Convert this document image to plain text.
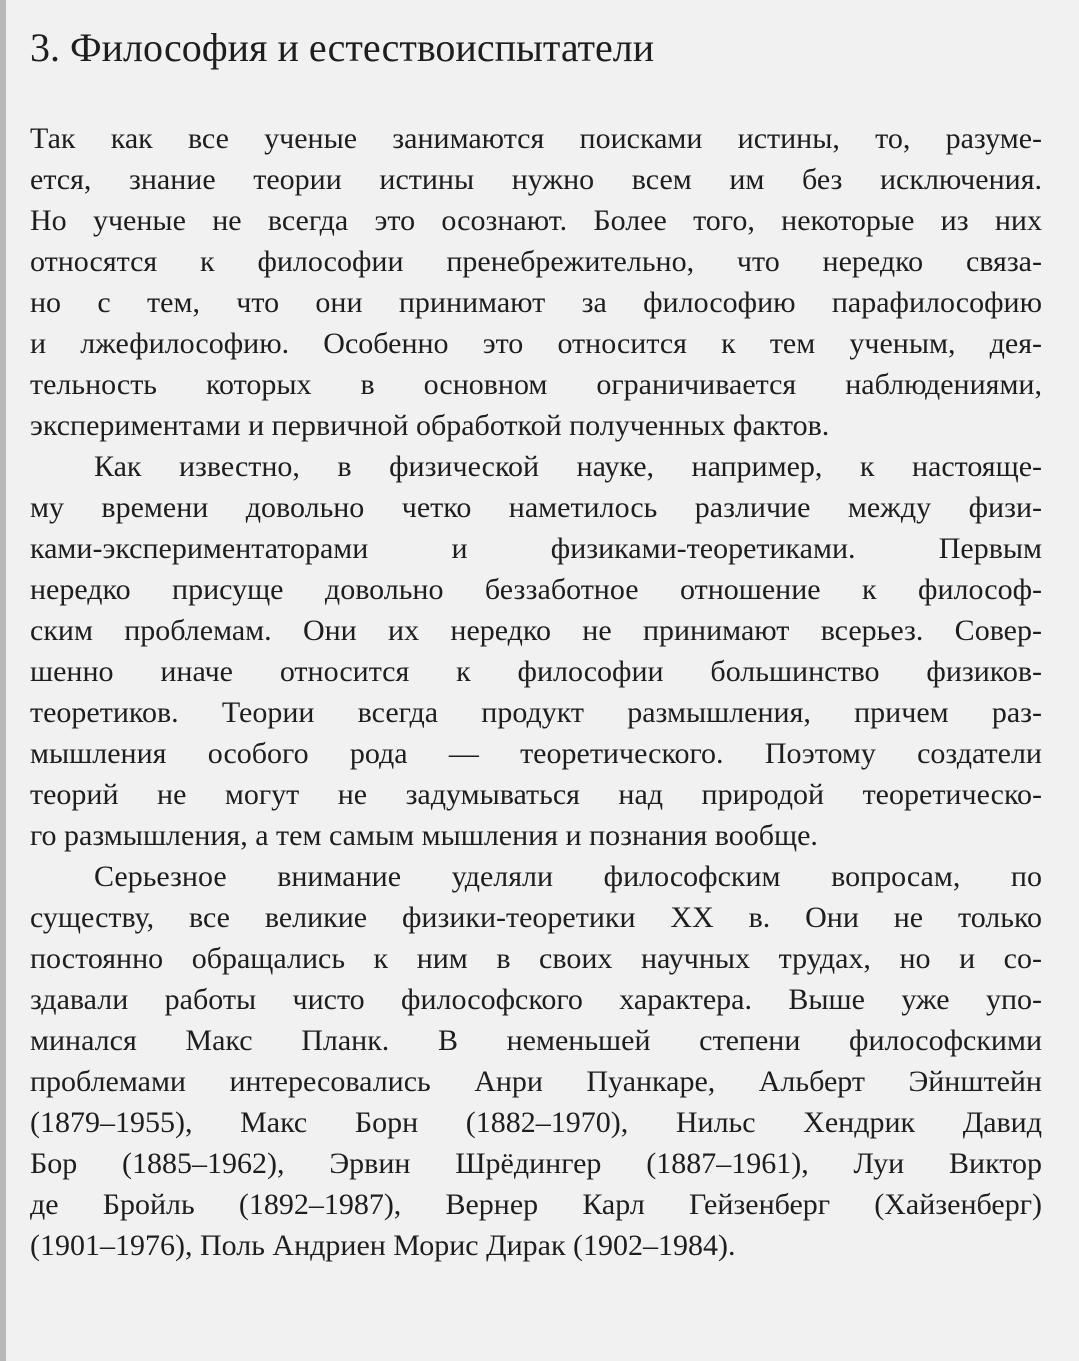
3. Философия и естествоиспытатели
Так как все ученые занимаются поисками истины, то, разуме-
ется, знание теории истины нужно всем им без исключения.
Но ученые не всегда это осознают. Более того, некоторые из них
относятся к философии пренебрежительно, что нередко связа-
но с тем, что они принимают за философию парафилософию
и лжефилософию. Особенно это относится к тем ученым, дея-
тельность которых в основном ограничивается наблюдениями,
экспериментами и первичной обработкой полученных фактов.
Как известно, в физической науке, например, к настояще-
му времени довольно четко наметилось различие между физи-
ками-экспериментаторами и физиками-теоретиками. Первым
нередко присуще довольно беззаботное отношение к философ-
ским проблемам. Они их нередко не принимают всерьез. Совер-
шенно иначе относится к философии большинство физиков-
теоретиков. Теории всегда продукт размышления, причем раз-
мышления особого рода — теоретического. Поэтому создатели
теорий не могут не задумываться над природой теоретическо-
го размышления, а тем самым мышления и познания вообще.
Серьезное внимание уделяли философским вопросам, по
существу, все великие физики-теоретики XX в. Они не только
постоянно обращались к ним в своих научных трудах, но и со-
здавали работы чисто философского характера. Выше уже упо-
минался Макс Планк. В неменьшей степени философскими
проблемами интересовались Анри Пуанкаре, Альберт Эйнштейн
(1879–1955), Макс Борн (1882–1970), Нильс Хендрик Давид
Бор (1885–1962), Эрвин Шрёдингер (1887–1961), Луи Виктор
де Бройль (1892–1987), Вернер Карл Гейзенберг (Хайзенберг)
(1901–1976), Поль Андриен Морис Дирак (1902–1984).
